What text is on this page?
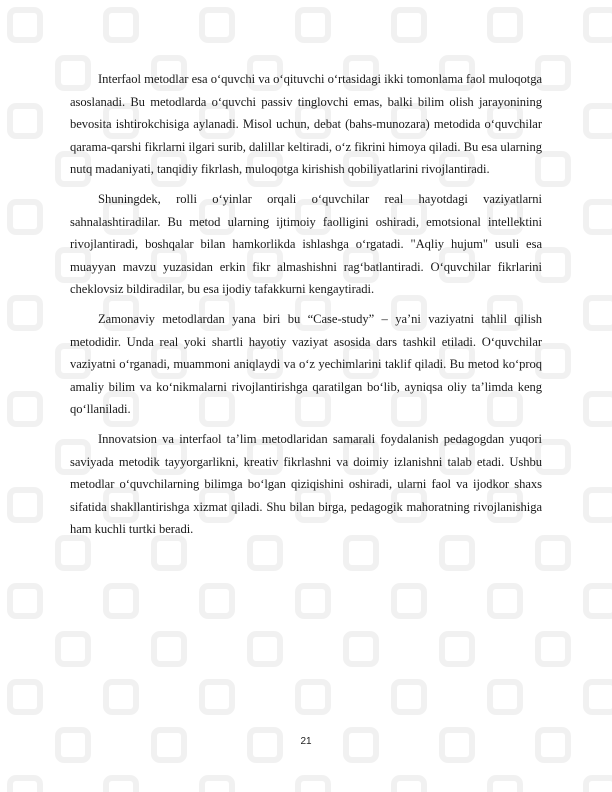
Interfaol metodlar esa o‘quvchi va o‘qituvchi o‘rtasidagi ikki tomonlama faol muloqotga asoslanadi. Bu metodlarda o‘quvchi passiv tinglovchi emas, balki bilim olish jarayonining bevosita ishtirokchisiga aylanadi. Misol uchun, debat (bahs-munozara) metodida o‘quvchilar qarama-qarshi fikrlarni ilgari surib, dalillar keltiradi, o‘z fikrini himoya qiladi. Bu esa ularning nutq madaniyati, tanqidiy fikrlash, muloqotga kirishish qobiliyatlarini rivojlantiradi.

Shuningdek, rolli o‘yinlar orqali o‘quvchilar real hayotdagi vaziyatlarni sahnalashtiradilar. Bu metod ularning ijtimoiy faolligini oshiradi, emotsional intellektini rivojlantiradi, boshqalar bilan hamkorlikda ishlashga o‘rgatadi. "Aqliy hujum" usuli esa muayyan mavzu yuzasidan erkin fikr almashishni rag‘batlantiradi. O‘quvchilar fikrlarini cheklovsiz bildiradilar, bu esa ijodiy tafakkurni kengaytiradi.

Zamonaviy metodlardan yana biri bu “Case-study” – ya’ni vaziyatni tahlil qilish metodidir. Unda real yoki shartli hayotiy vaziyat asosida dars tashkil etiladi. O‘quvchilar vaziyatni o‘rganadi, muammoni aniqlaydi va o‘z yechimlarini taklif qiladi. Bu metod ko‘proq amaliy bilim va ko‘nikmalarni rivojlantirishga qaratilgan bo‘lib, ayniqsa oliy ta’limda keng qo‘llaniladi.

Innovatsion va interfaol ta’lim metodlaridan samarali foydalanish pedagogdan yuqori saviyada metodik tayyorgarlikni, kreativ fikrlashni va doimiy izlanishni talab etadi. Ushbu metodlar o‘quvchilarning bilimga bo‘lgan qiziqishini oshiradi, ularni faol va ijodkor shaxs sifatida shakllantirishga xizmat qiladi. Shu bilan birga, pedagogik mahoratning rivojlanishiga ham kuchli turtki beradi.

21
